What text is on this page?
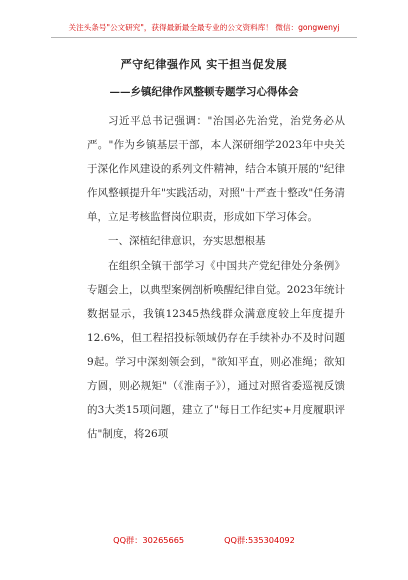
关注头条号"公文研究"，获得最新最全最专业的公文资料库！ 微信：gongwenyj
严守纪律强作风 实干担当促发展
——乡镇纪律作风整顿专题学习心得体会

习近平总书记强调："治国必先治党，治党务必从严。"作为乡镇基层干部，本人深研细学2023年中央关于深化作风建设的系列文件精神，结合本镇开展的"纪律作风整顿提升年"实践活动，对照"十严查十整改"任务清单，立足考核监督岗位职责，形成如下学习体会。

一、深植纪律意识，夯实思想根基

在组织全镇干部学习《中国共产党纪律处分条例》专题会上，以典型案例剖析唤醒纪律自觉。2023年统计数据显示，我镇12345热线群众满意度较上年度提升12.6%，但工程招投标领域仍存在手续补办不及时问题9起。学习中深刻领会到，"欲知平直，则必准绳；欲知方圆，则必规矩"（《淮南子》），通过对照省委巡视反馈的3大类15项问题，建立了"每日工作纪实+月度履职评估"制度，将26项

QQ群：30265665	QQ群:535304092
